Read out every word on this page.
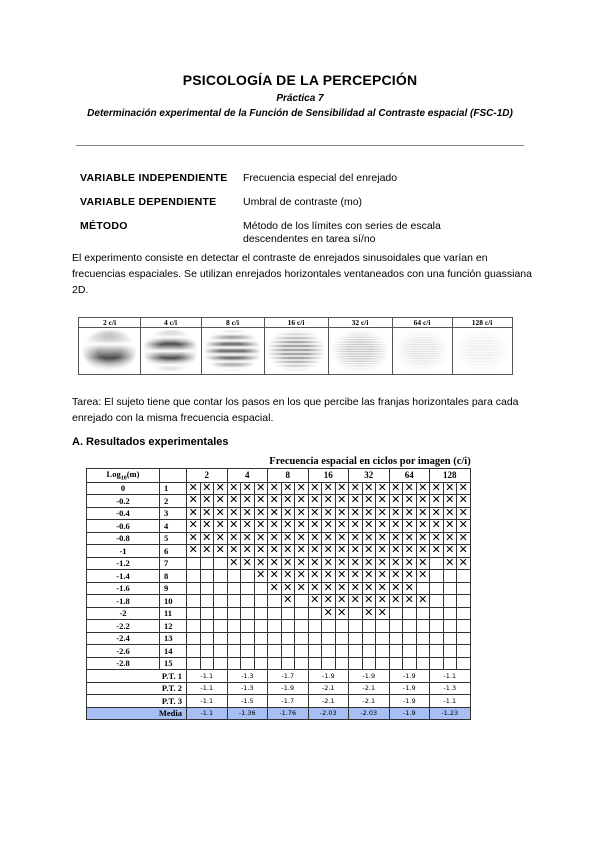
PSICOLOGÍA DE LA PERCEPCIÓN
Práctica 7
Determinación experimental de la Función de Sensibilidad al Contraste espacial (FSC-1D)
VARIABLE INDEPENDIENTE Frecuencia especial del enrejado
VARIABLE DEPENDIENTE	Umbral de contraste (mo)
MÉTODO	Método de los límites con series de escala descendentes en tarea sí/no
El experimento consiste en detectar el contraste de enrejados sinusoidales que varían en frecuencias espaciales. Se utilizan enrejados horizontales ventaneados con una función guassiana 2D.
2 c/i	4 c/i	8 c/i	16 c/i	32 c/i	64 c/i	128 c/i
Tarea: El sujeto tiene que contar los pasos en los que percibe las franjas horizontales para cada enrejado con la misma frecuencia espacial.
A. Resultados experimentales
Frecuencia espacial en ciclos por imagen (c/i)
Log$_{10}$(m)		2			4			8			16			32			64			128		
0	1	✕	✕	✕	✕	✕	✕	✕	✕	✕	✕	✕	✕	✕	✕	✕	✕	✕	✕	✕	✕	✕
-0.2	2	✕	✕	✕	✕	✕	✕	✕	✕	✕	✕	✕	✕	✕	✕	✕	✕	✕	✕	✕	✕	✕
-0.4	3	✕	✕	✕	✕	✕	✕	✕	✕	✕	✕	✕	✕	✕	✕	✕	✕	✕	✕	✕	✕	✕
-0.6	4	✕	✕	✕	✕	✕	✕	✕	✕	✕	✕	✕	✕	✕	✕	✕	✕	✕	✕	✕	✕	✕
-0.8	5	✕	✕	✕	✕	✕	✕	✕	✕	✕	✕	✕	✕	✕	✕	✕	✕	✕	✕	✕	✕	✕
-1	6	✕	✕	✕	✕	✕	✕	✕	✕	✕	✕	✕	✕	✕	✕	✕	✕	✕	✕	✕	✕	✕
-1.2	7				✕	✕	✕	✕	✕	✕	✕	✕	✕	✕	✕	✕	✕	✕	✕		✕	✕
-1.4	8						✕	✕	✕	✕	✕	✕	✕	✕	✕	✕	✕	✕	✕			
-1.6	9							✕	✕	✕	✕	✕	✕	✕	✕	✕	✕	✕				
-1.8	10								✕		✕	✕	✕	✕	✕	✕	✕	✕	✕			
-2	11											✕	✕		✕	✕						
-2.2	12																					
-2.4	13																					
-2.6	14																					
-2.8	15																					
P.T. 1		-1.1			-1.3			-1.7			-1.9			-1.9			-1.9			-1.1		
P.T. 2		-1.1			-1.3			-1.9			-2.1			-2.1			-1.9			-1.3		
P.T. 3		-1.1			-1.5			-1.7			-2.1			-2.1			-1.9			-1.1		
Media		-1.1			-1.36			-1.76			-2.03			-2.03			-1.9			-1.23		
